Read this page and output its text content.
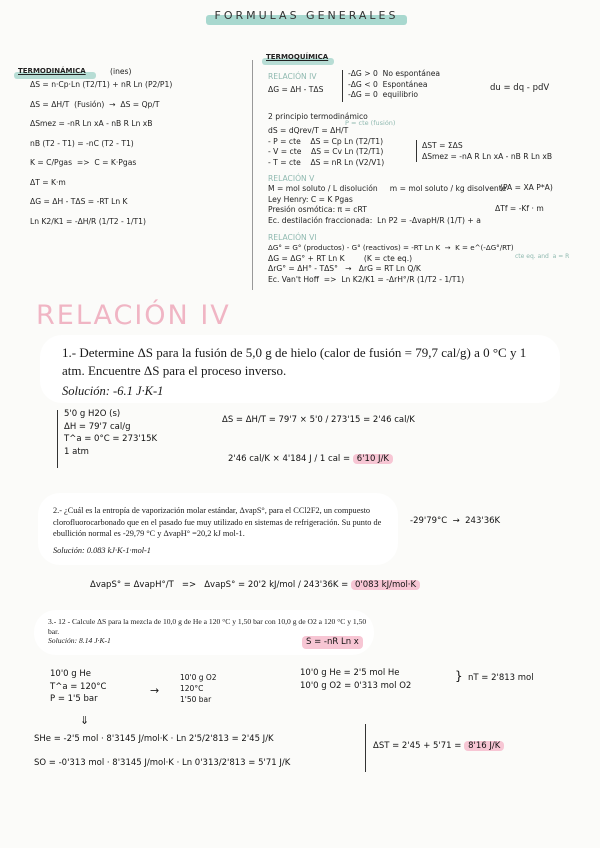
FORMULAS GENERALES
TERMODINÁMICA	(ines)
ΔS = n·Cp·Ln (T2/T1) + nR Ln (P2/P1)
ΔS = ΔH/T  (Fusión)  →  ΔS = Qp/T
ΔSmez = -nR Ln xA - nB R Ln xB
nB (T2 - T1) = -nC (T2 - T1)
K = C/Pgas  =>  C = K·Pgas
ΔT = K·m
ΔG = ΔH - TΔS = -RT Ln K
Ln K2/K1 = -ΔH/R (1/T2 - 1/T1)
TERMOQUÍMICA
RELACIÓN IV
ΔG = ΔH - TΔS
-ΔG > 0  No espontánea
-ΔG < 0  Espontánea
-ΔG = 0  equilibrio
du = dq - pdV
2 principio termodinámico
P = cte (fusión)
dS = dQrev/T = ΔH/T
- P = cte    ΔS = Cp Ln (T2/T1)
- V = cte    ΔS = Cv Ln (T2/T1)
- T = cte    ΔS = nR Ln (V2/V1)
ΔST = ΣΔS
ΔSmez = -nA R Ln xA - nB R Ln xB
RELACIÓN V
M = mol soluto / L disolución     m = mol soluto / kg disolvente
Ley Henry: C = K Pgas
Presión osmótica: π = cRT
Ec. destilación fraccionada:  Ln P2 = -ΔvapH/R (1/T) + a
(PA = XA P*A)
ΔTf = -Kf · m
RELACIÓN VI
ΔG° = G° (productos) - G° (reactivos) = -RT Ln K  →  K = e^(-ΔG°/RT)
ΔG = ΔG° + RT Ln K        (K = cte eq.)
ΔrG° = ΔH° - TΔS°   →   ΔrG = RT Ln Q/K
Ec. Van't Hoff  =>  Ln K2/K1 = -ΔrH°/R (1/T2 - 1/T1)
cte eq. and  a = R
RELACIÓN IV
1.- Determine ΔS para la fusión de 5,0 g de hielo (calor de fusión = 79,7 cal/g) a 0 °C y 1 atm. Encuentre ΔS para el proceso inverso.
Solución: -6.1 J·K-1
5'0 g H2O (s)
ΔH = 79'7 cal/g
T^a = 0°C = 273'15K
1 atm
ΔS = ΔH/T = 79'7 × 5'0 / 273'15 = 2'46 cal/K
2'46 cal/K × 4'184 J / 1 cal = 6'10 J/K
2.- ¿Cuál es la entropía de vaporización molar estándar, ΔvapS°, para el CCl2F2, un compuesto clorofluorocarbonado que en el pasado fue muy utilizado en sistemas de refrigeración. Su punto de ebullición normal es -29,79 °C y ΔvapH° =20,2 kJ mol-1.
Solución: 0.083 kJ·K-1·mol-1
-29'79°C  →  243'36K
ΔvapS° = ΔvapH°/T   =>   ΔvapS° = 20'2 kJ/mol / 243'36K = 0'083 kJ/mol·K
3.- 12 - Calcule ΔS para la mezcla de 10,0 g de He a 120 °C y 1,50 bar con 10,0 g de O2 a 120 °C y 1,50 bar.
Solución: 8.14 J·K-1	S = -nR Ln x
10'0 g He
T^a = 120°C
P = 1'5 bar
→
10'0 g O2
120°C
1'50 bar
10'0 g He = 2'5 mol He
10'0 g O2 = 0'313 mol O2
} nT = 2'813 mol
⇓
SHe = -2'5 mol · 8'3145 J/mol·K · Ln 2'5/2'813 = 2'45 J/K
SO = -0'313 mol · 8'3145 J/mol·K · Ln 0'313/2'813 = 5'71 J/K
ΔST = 2'45 + 5'71 = 8'16 J/K
